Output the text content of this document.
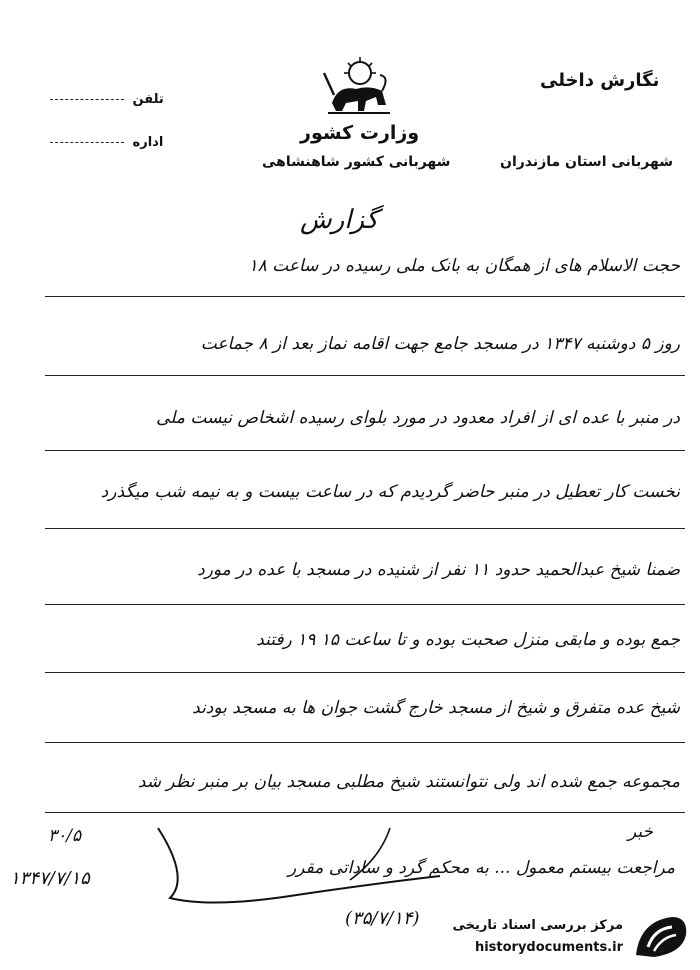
نگارش داخلی
وزارت کشور
شهربانی استان مازندران
شهربانی کشور شاهنشاهی
تلفن
اداره
گزارش
حجت الاسلام های از همگان به بانک ملی رسیده در ساعت ۱۸
روز ۵ دوشنبه ۱۳۴۷ در مسجد جامع جهت اقامه نماز بعد از ۸ جماعت
در منبر با عده ای از افراد معدود در مورد بلوای رسیده اشخاص نیست ملی
نخست کار تعطیل در منبر حاضر گردیدم که در ساعت بیست و به نیمه شب میگذرد
ضمنا شیخ عبدالحمید حدود ۱۱ نفر از شنیده در مسجد با عده در مورد
جمع بوده و مابقی منزل صحبت بوده و تا ساعت ۱۵ ۱۹ رفتند
شیخ عده متفرق و شیخ از مسجد خارج گشت جوان ها به مسجد بودند
مجموعه جمع شده اند ولی نتوانستند شیخ مطلبی مسجد بیان بر منبر نظر شد
۳۰/۵
۱۳۴۷/۷/۱۵
خبر
مراجعت بیستم معمول ... به محکم گرد و ساداتی مقرر
(۳۵/۷/۱۴)	مرکز بررسی اسناد تاریخی
historydocuments.ir
